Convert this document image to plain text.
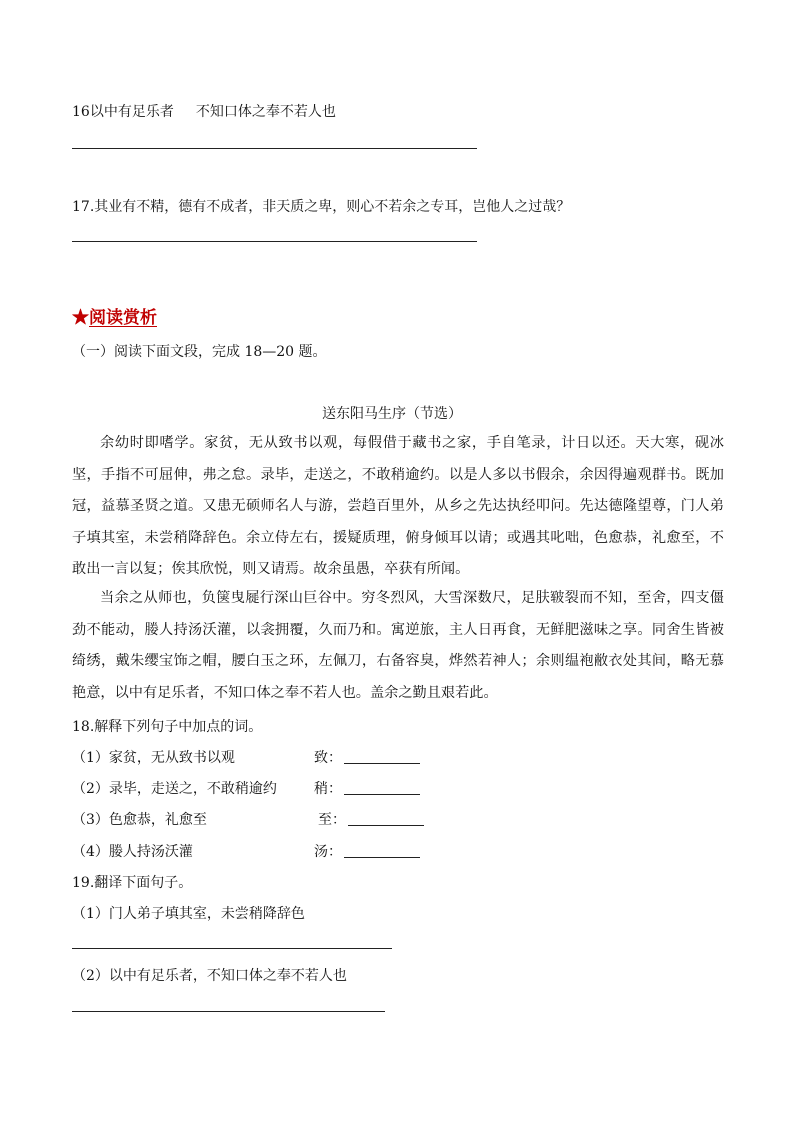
16以中有足乐者 不知口体之奉不若人也
17.其业有不精，德有不成者，非天质之卑，则心不若余之专耳，岂他人之过哉？
★阅读赏析
（一）阅读下面文段，完成 18—20 题。
送东阳马生序（节选）

余幼时即嗜学。家贫，无从致书以观，每假借于藏书之家，手自笔录，计日以还。天大寒，砚冰坚，手指不可屈伸，弗之怠。录毕，走送之，不敢稍逾约。以是人多以书假余，余因得遍观群书。既加冠，益慕圣贤之道。又患无硕师名人与游，尝趋百里外，从乡之先达执经叩问。先达德隆望尊，门人弟子填其室，未尝稍降辞色。余立侍左右，援疑质理，俯身倾耳以请；或遇其叱咄，色愈恭，礼愈至，不敢出一言以复；俟其欣悦，则又请焉。故余虽愚，卒获有所闻。

当余之从师也，负箧曳屣行深山巨谷中。穷冬烈风，大雪深数尺，足肤皲裂而不知，至舍，四支僵劲不能动，媵人持汤沃灌，以衾拥覆，久而乃和。寓逆旅，主人日再食，无鲜肥滋味之享。同舍生皆被绮绣，戴朱缨宝饰之帽，腰白玉之环，左佩刀，右备容臭，烨然若神人；余则缊袍敝衣处其间，略无慕艳意，以中有足乐者，不知口体之奉不若人也。盖余之勤且艰若此。

18.解释下列句子中加点的词。
（1）家贫，无从致书以观	致：
（2）录毕，走送之，不敢稍逾约	稍：
（3）色愈恭，礼愈至	至：
（4）媵人持汤沃灌	汤：
19.翻译下面句子。
（1）门人弟子填其室，未尝稍降辞色
（2）以中有足乐者，不知口体之奉不若人也
